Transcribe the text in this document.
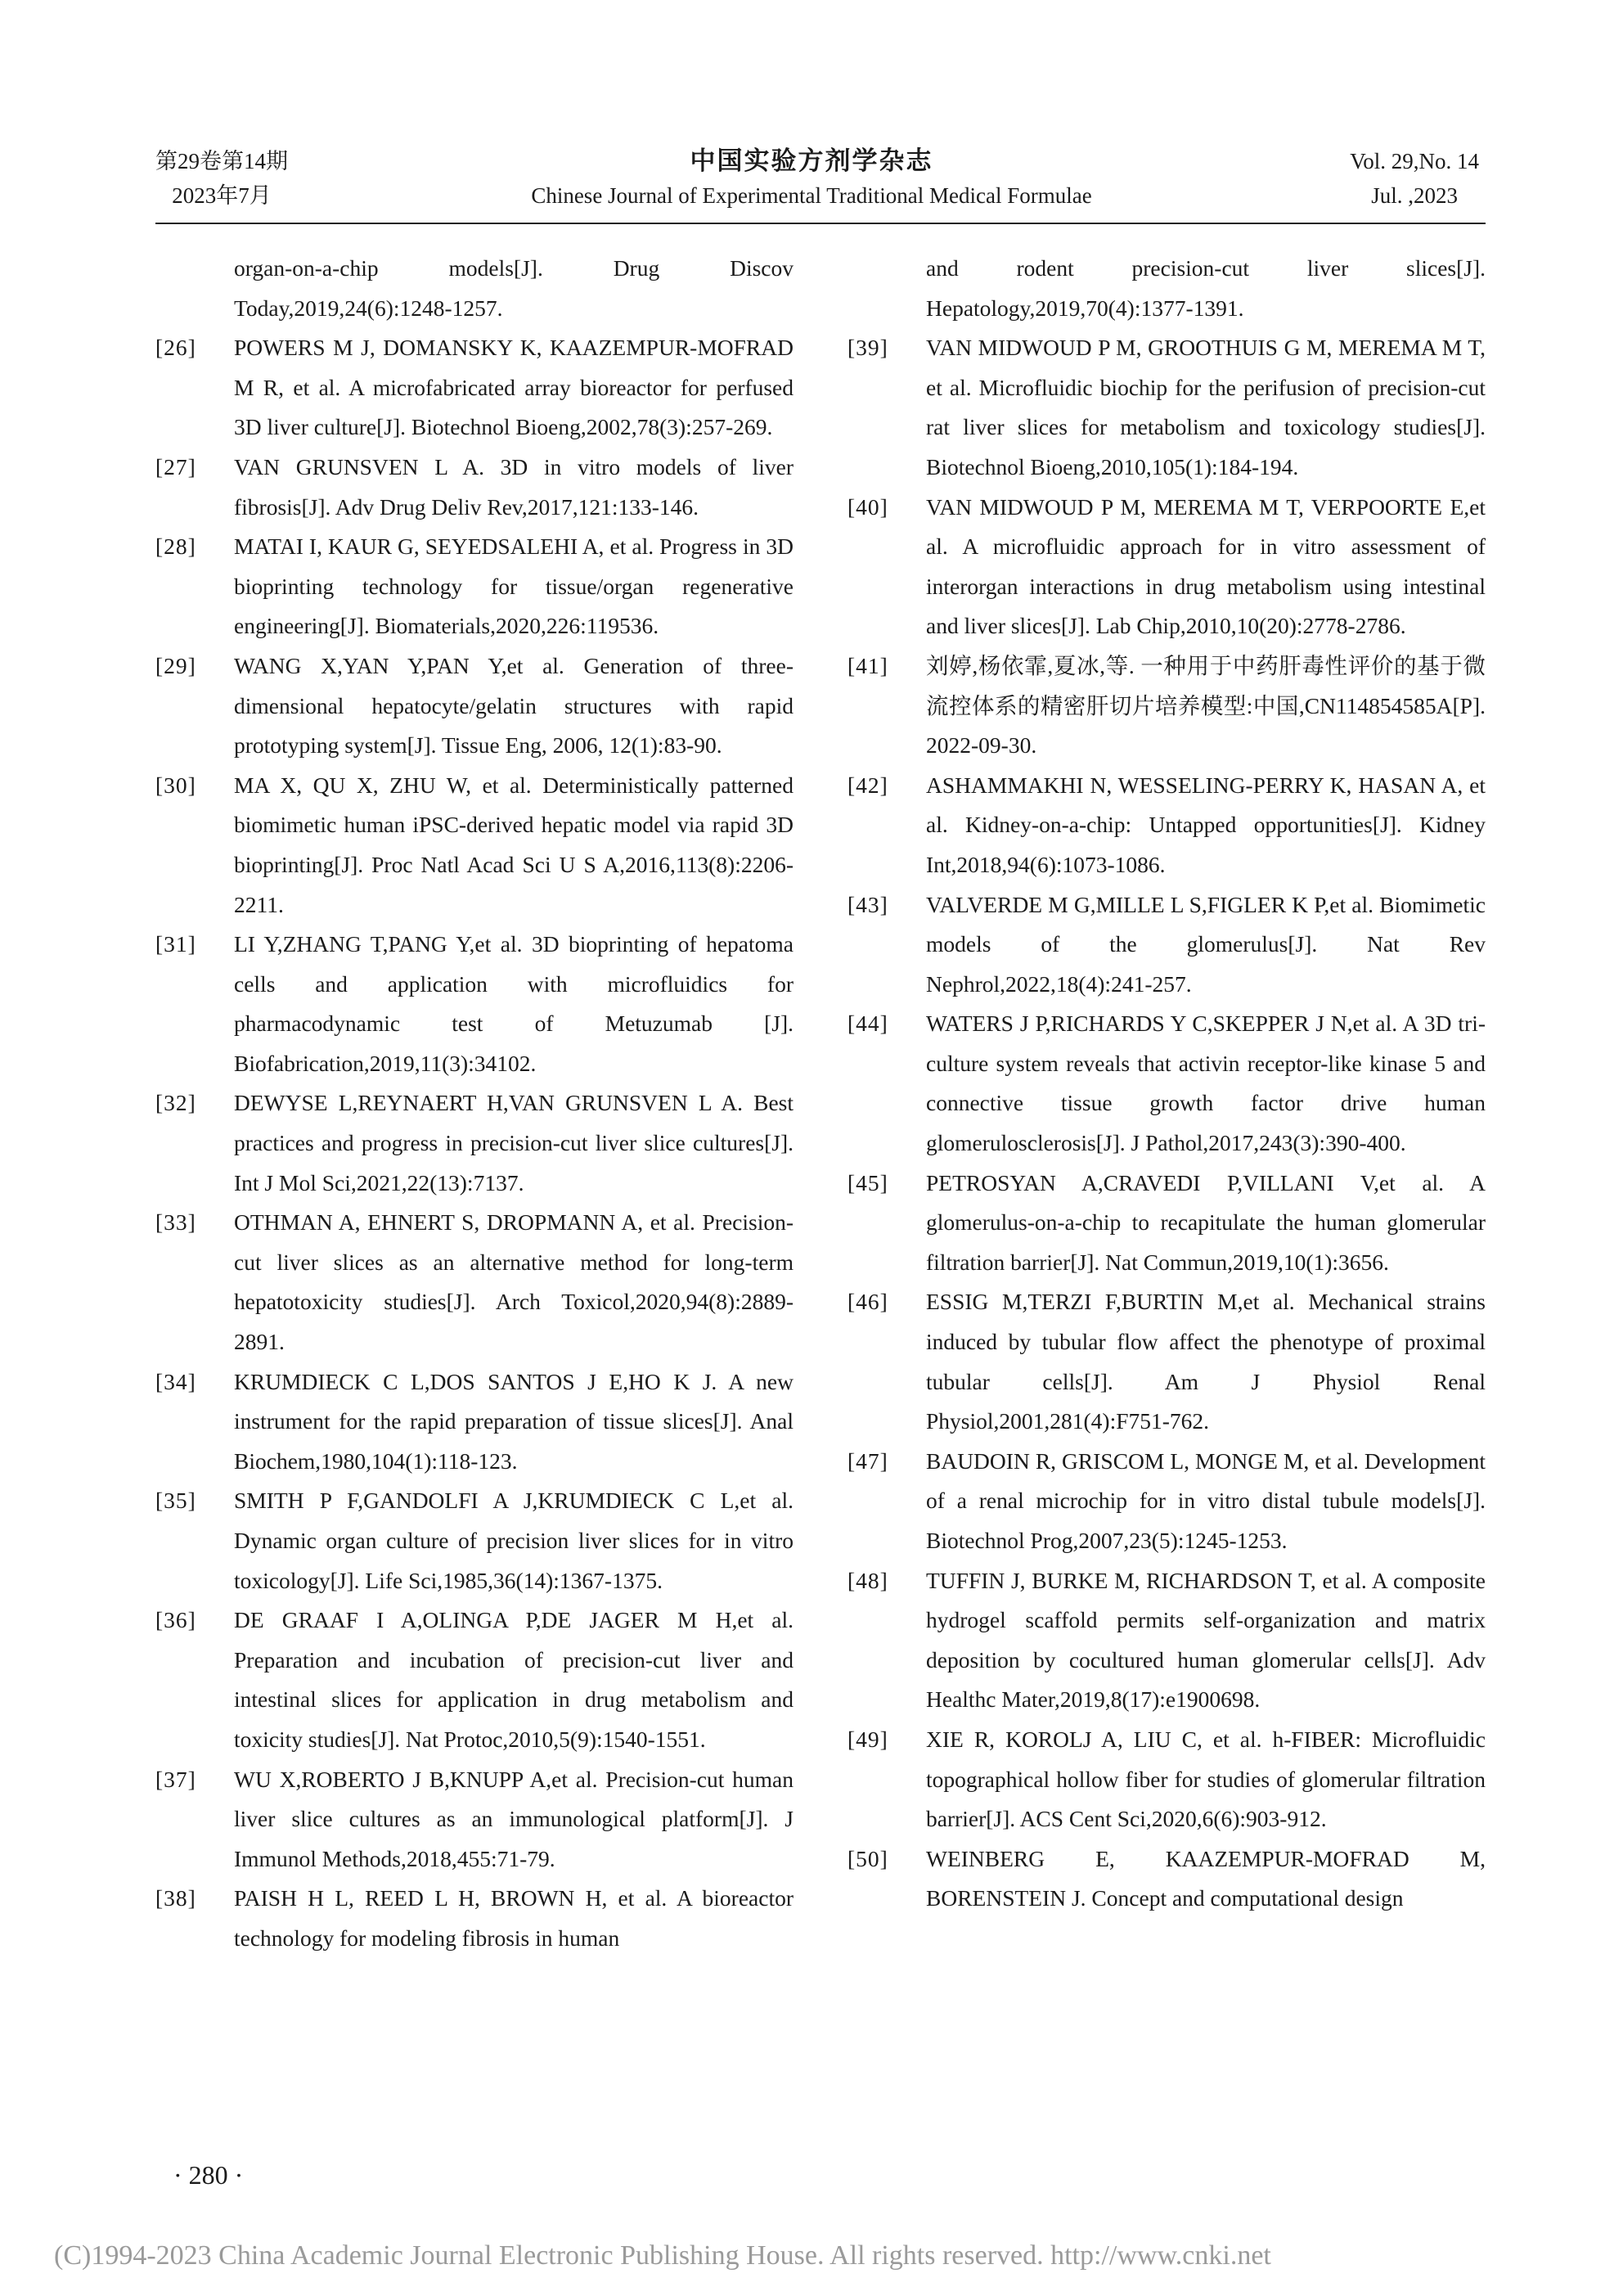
第29卷第14期
2023年7月
中国实验方剂学杂志
Chinese Journal of Experimental Traditional Medical Formulae
Vol. 29,No. 14
Jul. ,2023
organ-on-a-chip models[J]. Drug Discov Today,2019,24(6):1248-1257.
[26]	POWERS M J, DOMANSKY K, KAAZEMPUR-MOFRAD M R, et al. A microfabricated array bioreactor for perfused 3D liver culture[J]. Biotechnol Bioeng,2002,78(3):257-269.
[27]	VAN GRUNSVEN L A. 3D in vitro models of liver fibrosis[J]. Adv Drug Deliv Rev,2017,121:133-146.
[28]	MATAI I, KAUR G, SEYEDSALEHI A, et al. Progress in 3D bioprinting technology for tissue/organ regenerative engineering[J]. Biomaterials,2020,226:119536.
[29]	WANG X,YAN Y,PAN Y,et al. Generation of three-dimensional hepatocyte/gelatin structures with rapid prototyping system[J]. Tissue Eng, 2006, 12(1):83-90.
[30]	MA X, QU X, ZHU W, et al. Deterministically patterned biomimetic human iPSC-derived hepatic model via rapid 3D bioprinting[J]. Proc Natl Acad Sci U S A,2016,113(8):2206-2211.
[31]	LI Y,ZHANG T,PANG Y,et al. 3D bioprinting of hepatoma cells and application with microfluidics for pharmacodynamic test of Metuzumab [J]. Biofabrication,2019,11(3):34102.
[32]	DEWYSE L,REYNAERT H,VAN GRUNSVEN L A. Best practices and progress in precision-cut liver slice cultures[J]. Int J Mol Sci,2021,22(13):7137.
[33]	OTHMAN A, EHNERT S, DROPMANN A, et al. Precision-cut liver slices as an alternative method for long-term hepatotoxicity studies[J]. Arch Toxicol,2020,94(8):2889-2891.
[34]	KRUMDIECK C L,DOS SANTOS J E,HO K J. A new instrument for the rapid preparation of tissue slices[J]. Anal Biochem,1980,104(1):118-123.
[35]	SMITH P F,GANDOLFI A J,KRUMDIECK C L,et al. Dynamic organ culture of precision liver slices for in vitro toxicology[J]. Life Sci,1985,36(14):1367-1375.
[36]	DE GRAAF I A,OLINGA P,DE JAGER M H,et al. Preparation and incubation of precision-cut liver and intestinal slices for application in drug metabolism and toxicity studies[J]. Nat Protoc,2010,5(9):1540-1551.
[37]	WU X,ROBERTO J B,KNUPP A,et al. Precision-cut human liver slice cultures as an immunological platform[J]. J Immunol Methods,2018,455:71-79.
[38]	PAISH H L, REED L H, BROWN H, et al. A bioreactor technology for modeling fibrosis in human
and rodent precision-cut liver slices[J]. Hepatology,2019,70(4):1377-1391.
[39]	VAN MIDWOUD P M, GROOTHUIS G M, MEREMA M T, et al. Microfluidic biochip for the perifusion of precision-cut rat liver slices for metabolism and toxicology studies[J]. Biotechnol Bioeng,2010,105(1):184-194.
[40]	VAN MIDWOUD P M, MEREMA M T, VERPOORTE E,et al. A microfluidic approach for in vitro assessment of interorgan interactions in drug metabolism using intestinal and liver slices[J]. Lab Chip,2010,10(20):2778-2786.
[41]	刘婷,杨依霏,夏冰,等. 一种用于中药肝毒性评价的基于微流控体系的精密肝切片培养模型:中国,CN114854585A[P]. 2022-09-30.
[42]	ASHAMMAKHI N, WESSELING-PERRY K, HASAN A, et al. Kidney-on-a-chip: Untapped opportunities[J]. Kidney Int,2018,94(6):1073-1086.
[43]	VALVERDE M G,MILLE L S,FIGLER K P,et al. Biomimetic models of the glomerulus[J]. Nat Rev Nephrol,2022,18(4):241-257.
[44]	WATERS J P,RICHARDS Y C,SKEPPER J N,et al. A 3D tri-culture system reveals that activin receptor-like kinase 5 and connective tissue growth factor drive human glomerulosclerosis[J]. J Pathol,2017,243(3):390-400.
[45]	PETROSYAN A,CRAVEDI P,VILLANI V,et al. A glomerulus-on-a-chip to recapitulate the human glomerular filtration barrier[J]. Nat Commun,2019,10(1):3656.
[46]	ESSIG M,TERZI F,BURTIN M,et al. Mechanical strains induced by tubular flow affect the phenotype of proximal tubular cells[J]. Am J Physiol Renal Physiol,2001,281(4):F751-762.
[47]	BAUDOIN R, GRISCOM L, MONGE M, et al. Development of a renal microchip for in vitro distal tubule models[J]. Biotechnol Prog,2007,23(5):1245-1253.
[48]	TUFFIN J, BURKE M, RICHARDSON T, et al. A composite hydrogel scaffold permits self-organization and matrix deposition by cocultured human glomerular cells[J]. Adv Healthc Mater,2019,8(17):e1900698.
[49]	XIE R, KOROLJ A, LIU C, et al. h-FIBER: Microfluidic topographical hollow fiber for studies of glomerular filtration barrier[J]. ACS Cent Sci,2020,6(6):903-912.
[50]	WEINBERG E, KAAZEMPUR-MOFRAD M, BORENSTEIN J. Concept and computational design
· 280 ·
(C)1994-2023 China Academic Journal Electronic Publishing House. All rights reserved. http://www.cnki.net
